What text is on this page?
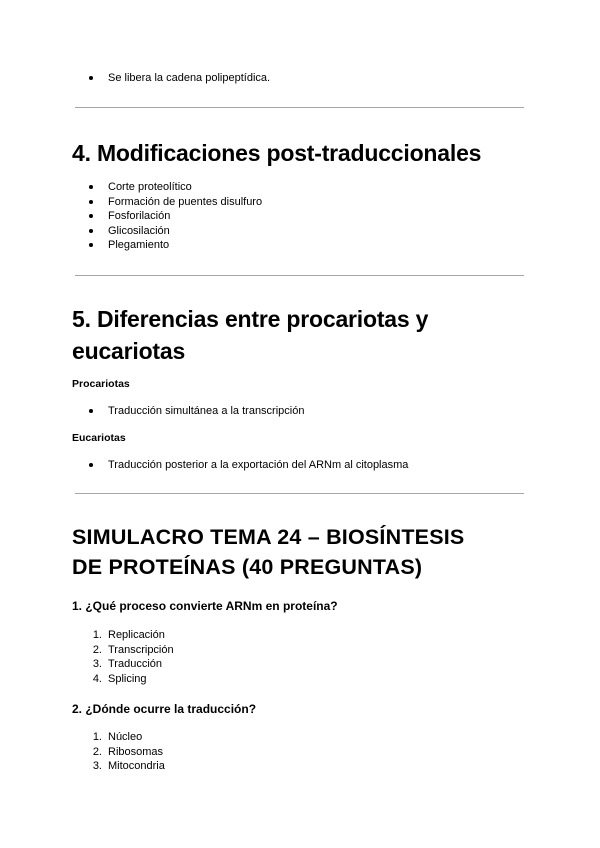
Se libera la cadena polipeptídica.
4. Modificaciones post-traduccionales
Corte proteolítico
Formación de puentes disulfuro
Fosforilación
Glicosilación
Plegamiento
5. Diferencias entre procariotas y
eucariotas
Procariotas
Traducción simultánea a la transcripción
Eucariotas
Traducción posterior a la exportación del ARNm al citoplasma
SIMULACRO TEMA 24 – BIOSÍNTESIS
DE PROTEÍNAS (40 PREGUNTAS)
1. ¿Qué proceso convierte ARNm en proteína?
1. Replicación
2. Transcripción
3. Traducción
4. Splicing
2. ¿Dónde ocurre la traducción?
1. Núcleo
2. Ribosomas
3. Mitocondria
